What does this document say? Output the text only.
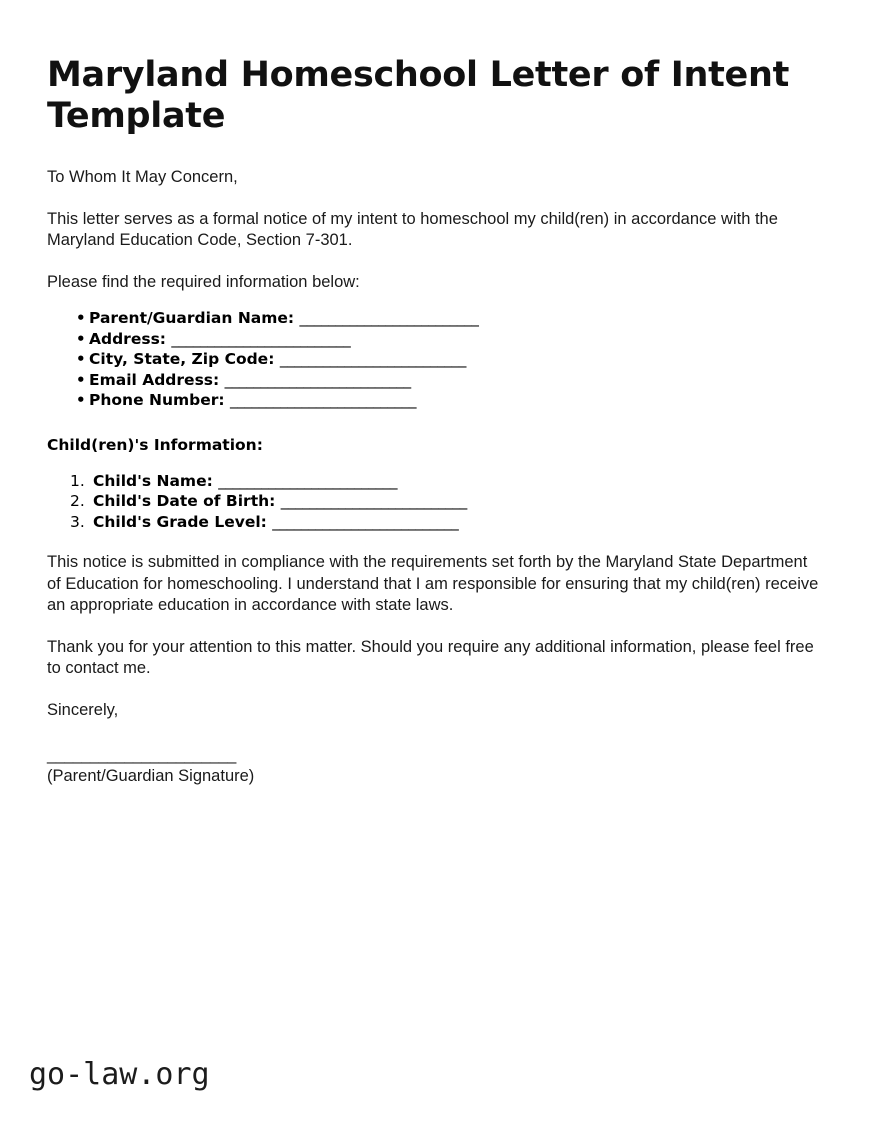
Maryland Homeschool Letter of Intent Template

To Whom It May Concern,

This letter serves as a formal notice of my intent to homeschool my child(ren) in accordance with the Maryland Education Code, Section 7-301.

Please find the required information below:

• Parent/Guardian Name: _________________________
• Address: _________________________
• City, State, Zip Code: __________________________
• Email Address: __________________________
• Phone Number: __________________________

Child(ren)'s Information:

Child's Name: _________________________
Child's Date of Birth: __________________________
Child's Grade Level: __________________________

This notice is submitted in compliance with the requirements set forth by the Maryland State Department of Education for homeschooling. I understand that I am responsible for ensuring that my child(ren) receive an appropriate education in accordance with state laws.

Thank you for your attention to this matter. Should you require any additional information, please feel free to contact me.

Sincerely,

______________________
(Parent/Guardian Signature)
go-law.org
